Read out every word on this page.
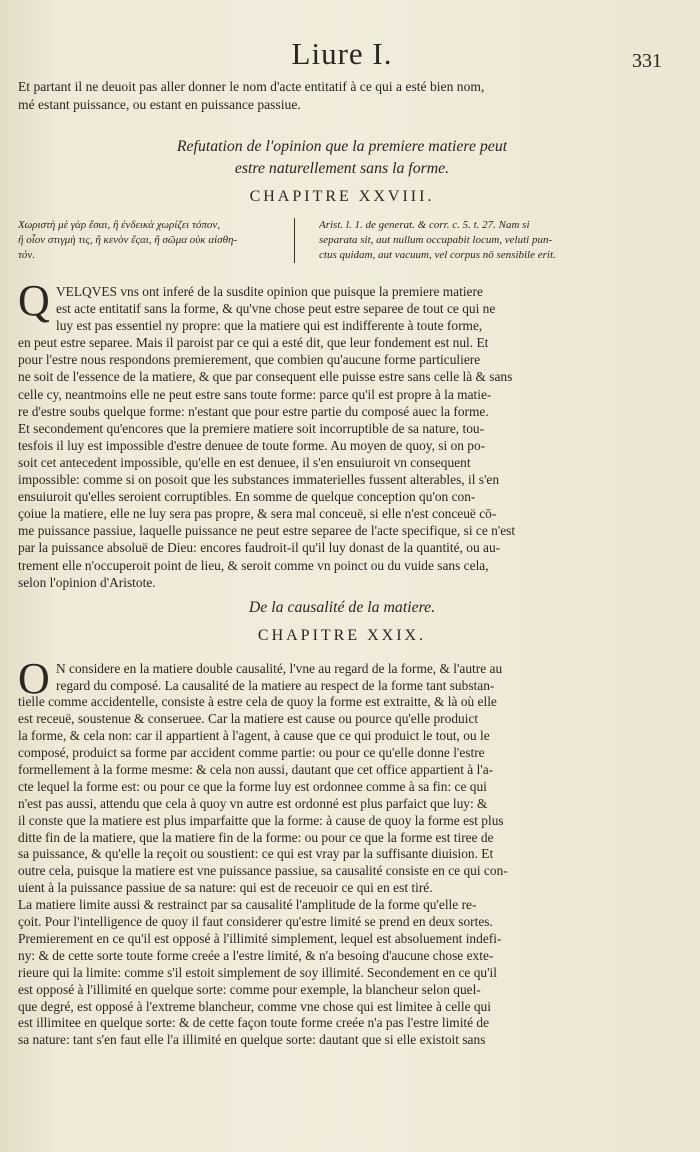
Liure I.	331
Et partant il ne deuoit pas aller donner le nom d'acte entitatif à ce qui a esté bien nom,
mé estant puissance, ou estant en puissance passiue.
Refutation de l'opinion que la premiere matiere peut
estre naturellement sans la forme.
CHAPITRE XXVIII.
Χωριστὴ μὲ γὰρ ἔσαι, ἢ ἐνδεικὰ χωρίζει τόπον,
ἢ οἷον στιγμὴ τις, ἢ κενὸν ἔςαι, ἢ σῶμα οὐκ αἰσθη-
τόν.
Arist. l. 1. de generat. & corr. c. 5. t. 27. Nam si
separata sit, aut nullum occupabit locum, veluti pun-
ctus quidam, aut vacuum, vel corpus nō sensibile erit.
Q VELQVES vns ont inferé de la susdite opinion que puisque la premiere matiere
est acte entitatif sans la forme, & qu'vne chose peut estre separee de tout ce qui ne
luy est pas essentiel ny propre: que la matiere qui est indifferente à toute forme,
en peut estre separee. Mais il paroist par ce qui a esté dit, que leur fondement est nul. Et
pour l'estre nous respondons premierement, que combien qu'aucune forme particuliere
ne soit de l'essence de la matiere, & que par consequent elle puisse estre sans celle là & sans
celle cy, neantmoins elle ne peut estre sans toute forme: parce qu'il est propre à la matie-
re d'estre soubs quelque forme: n'estant que pour estre partie du composé auec la forme.
Et secondement qu'encores que la premiere matiere soit incorruptible de sa nature, tou-
tesfois il luy est impossible d'estre denuee de toute forme. Au moyen de quoy, si on po-
soit cet antecedent impossible, qu'elle en est denuee, il s'en ensuiuroit vn consequent
impossible: comme si on posoit que les substances immaterielles fussent alterables, il s'en
ensuiuroit qu'elles seroient corruptibles. En somme de quelque conception qu'on con-
çoiue la matiere, elle ne luy sera pas propre, & sera mal conceuë, si elle n'est conceuë cō-
me puissance passiue, laquelle puissance ne peut estre separee de l'acte specifique, si ce n'est
par la puissance absoluë de Dieu: encores faudroit-il qu'il luy donast de la quantité, ou au-
trement elle n'occuperoit point de lieu, & seroit comme vn poinct ou du vuide sans cela,
selon l'opinion d'Aristote.
De la causalité de la matiere.
CHAPITRE XXIX.
O N considere en la matiere double causalité, l'vne au regard de la forme, & l'autre au
regard du composé. La causalité de la matiere au respect de la forme tant substan-
tielle comme accidentelle, consiste à estre cela de quoy la forme est extraitte, & là où elle
est receuë, soustenue & conseruee. Car la matiere est cause ou pource qu'elle produict
la forme, & cela non: car il appartient à l'agent, à cause que ce qui produict le tout, ou le
composé, produict sa forme par accident comme partie: ou pour ce qu'elle donne l'estre
formellement à la forme mesme: & cela non aussi, dautant que cet office appartient à l'a-
cte lequel la forme est: ou pour ce que la forme luy est ordonnee comme à sa fin: ce qui
n'est pas aussi, attendu que cela à quoy vn autre est ordonné est plus parfaict que luy: &
il conste que la matiere est plus imparfaitte que la forme: à cause de quoy la forme est plus
ditte fin de la matiere, que la matiere fin de la forme: ou pour ce que la forme est tiree de
sa puissance, & qu'elle la reçoit ou soustient: ce qui est vray par la suffisante diuision. Et
outre cela, puisque la matiere est vne puissance passiue, sa causalité consiste en ce qui con-
uient à la puissance passiue de sa nature: qui est de receuoir ce qui en est tiré.
La matiere limite aussi & restrainct par sa causalité l'amplitude de la forme qu'elle re-
çoit. Pour l'intelligence de quoy il faut considerer qu'estre limité se prend en deux sortes.
Premierement en ce qu'il est opposé à l'illimité simplement, lequel est absoluement indefi-
ny: & de cette sorte toute forme creée a l'estre limité, & n'a besoing d'aucune chose exte-
rieure qui la limite: comme s'il estoit simplement de soy illimité. Secondement en ce qu'il
est opposé à l'illimité en quelque sorte: comme pour exemple, la blancheur selon quel-
que degré, est opposé à l'extreme blancheur, comme vne chose qui est limitee à celle qui
est illimitee en quelque sorte: & de cette façon toute forme creée n'a pas l'estre limité de
sa nature: tant s'en faut elle l'a illimité en quelque sorte: dautant que si elle existoit sans
